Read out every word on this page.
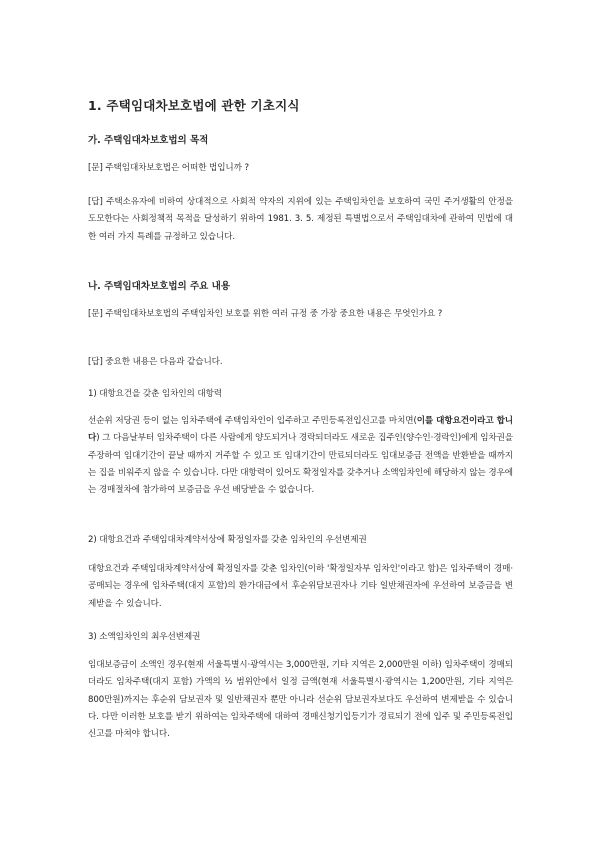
1. 주택임대차보호법에 관한 기초지식
가. 주택임대차보호법의 목적
[문] 주택임대차보호법은 어떠한 법입니까 ?
[답] 주택소유자에 비하여 상대적으로 사회적 약자의 지위에 있는 주택임차인을 보호하여 국민 주거생활의 안정을 도모한다는 사회정책적 목적을 달성하기 위하여 1981. 3. 5. 제정된 특별법으로서 주택임대차에 관하여 민법에 대한 여러 가지 특례를 규정하고 있습니다.
나. 주택임대차보호법의 주요 내용
[문] 주택임대차보호법의 주택임차인 보호를 위한 여러 규정 중 가장 중요한 내용은 무엇인가요 ?
[답] 중요한 내용은 다음과 같습니다.
1) 대항요건을 갖춘 임차인의 대항력
선순위 저당권 등이 없는 임차주택에 주택임차인이 입주하고 주민등록전입신고를 마치면(이를 대항요건이라고 합니다) 그 다음날부터 임차주택이 다른 사람에게 양도되거나 경락되더라도 새로운 집주인(양수인·경락인)에게 임차권을 주장하여 임대기간이 끝날 때까지 거주할 수 있고 또 임대기간이 만료되더라도 임대보증금 전액을 반환받을 때까지는 집을 비워주지 않을 수 있습니다. 다만 대항력이 있어도 확정일자를 갖추거나 소액임차인에 해당하지 않는 경우에는 경매절차에 참가하여 보증금을 우선 배당받을 수 없습니다.
2) 대항요건과 주택임대차계약서상에 확정일자를 갖춘 임차인의 우선변제권
대항요건과 주택임대차계약서상에 확정일자를 갖춘 임차인(이하 '확정일자부 임차인'이라고 함)은 임차주택이 경매·공매되는 경우에 임차주택(대지 포함)의 환가대금에서 후순위담보권자나 기타 일반채권자에 우선하여 보증금을 변제받을 수 있습니다.
3) 소액임차인의 최우선변제권
임대보증금이 소액인 경우(현재 서울특별시·광역시는 3,000만원, 기타 지역은 2,000만원 이하) 임차주택이 경매되더라도 임차주택(대지 포함) 가액의 ½ 범위안에서 일정 금액(현재 서울특별시·광역시는 1,200만원, 기타 지역은 800만원)까지는 후순위 담보권자 및 일반채권자 뿐만 아니라 선순위 담보권자보다도 우선하여 변제받을 수 있습니다. 다만 이러한 보호를 받기 위하여는 임차주택에 대하여 경매신청기입등기가 경료되기 전에 입주 및 주민등록전입신고를 마쳐야 합니다.
